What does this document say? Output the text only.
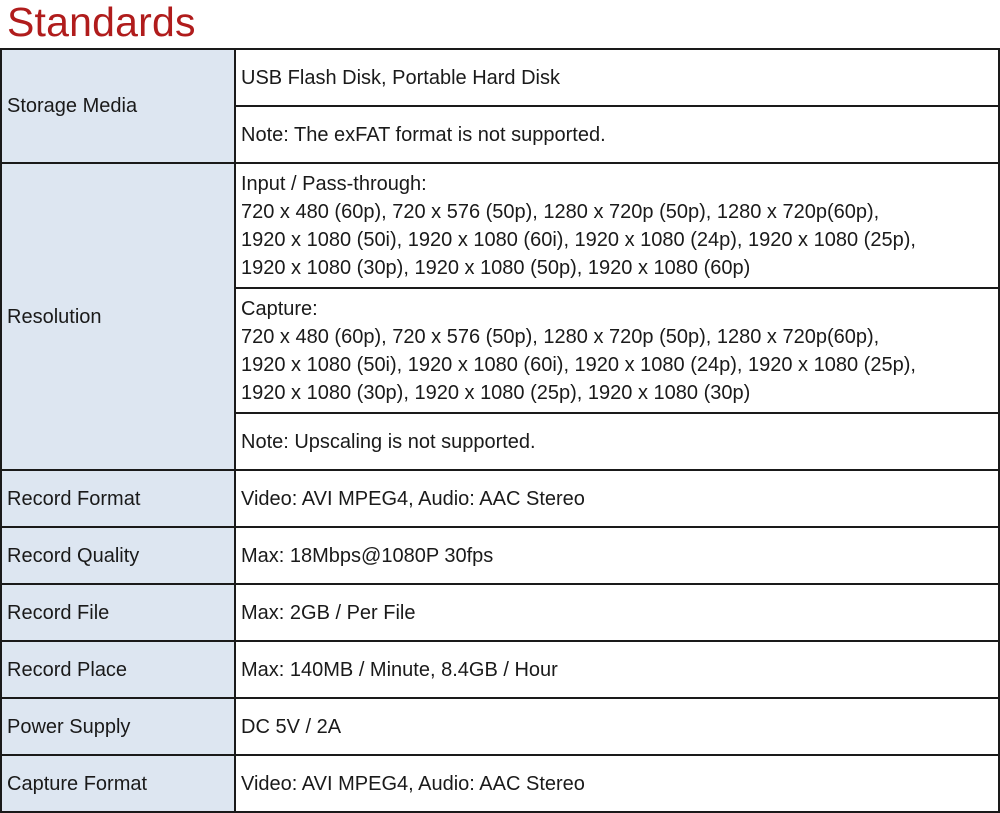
Standards
Storage Media	USB Flash Disk, Portable Hard Disk

	Note: The exFAT format is not supported.

Resolution	Input / Pass-through:
720 x 480 (60p), 720 x 576 (50p), 1280 x 720p (50p), 1280 x 720p(60p),
1920 x 1080 (50i), 1920 x 1080 (60i), 1920 x 1080 (24p), 1920 x 1080 (25p),
1920 x 1080 (30p), 1920 x 1080 (50p), 1920 x 1080 (60p)

	Capture:
720 x 480 (60p), 720 x 576 (50p), 1280 x 720p (50p), 1280 x 720p(60p),
1920 x 1080 (50i), 1920 x 1080 (60i), 1920 x 1080 (24p), 1920 x 1080 (25p),
1920 x 1080 (30p), 1920 x 1080 (25p), 1920 x 1080 (30p)

	Note: Upscaling is not supported.

Record Format	Video: AVI MPEG4, Audio: AAC Stereo

Record Quality	Max: 18Mbps@1080P 30fps

Record File	Max: 2GB / Per File

Record Place	Max: 140MB / Minute, 8.4GB / Hour

Power Supply	DC 5V / 2A

Capture Format	Video: AVI MPEG4, Audio: AAC Stereo
